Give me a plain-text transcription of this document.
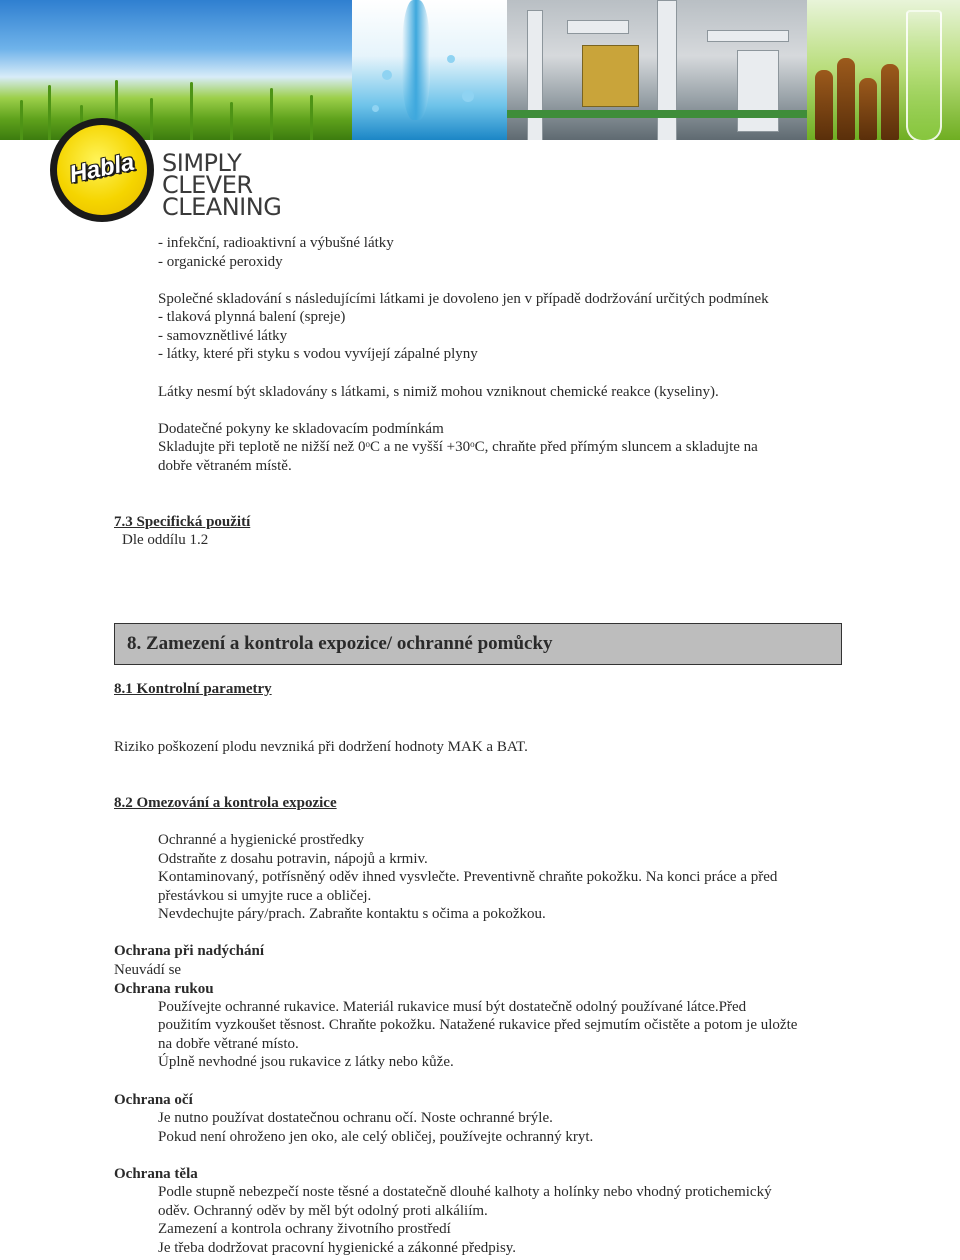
Habla	SIMPLY
CLEVER
CLEANING
- infekční, radioaktivní a výbušné látky
- organické peroxidy
Společné skladování s následujícími látkami je dovoleno jen v případě dodržování určitých podmínek
- tlaková plynná balení (spreje)
- samovznětlivé látky
- látky, které při styku s vodou vyvíjejí zápalné plyny
Látky nesmí být skladovány s látkami, s nimiž mohou vzniknout chemické reakce (kyseliny).
Dodatečné pokyny ke skladovacím podmínkám
Skladujte při teplotě ne nižší než 0$^o$C a ne vyšší $+30^oC$, chraňte před přímým sluncem a skladujte na
dobře větraném místě.
7.3 Specifická použití
Dle oddílu 1.2
8. Zamezení a kontrola expozice/ ochranné pomůcky
8.1 Kontrolní parametry
Riziko poškození plodu nevzniká při dodržení hodnoty MAK a BAT.
8.2 Omezování a kontrola expozice
Ochranné a hygienické prostředky
Odstraňte z dosahu potravin, nápojů a krmiv.
Kontaminovaný, potřísněný oděv ihned vysvlečte. Preventivně chraňte pokožku. Na konci práce a před
přestávkou si umyjte ruce a obličej.
Nevdechujte páry/prach. Zabraňte kontaktu s očima a pokožkou.
Ochrana při nadýchání
Neuvádí se
Ochrana rukou
Používejte ochranné rukavice. Materiál rukavice musí být dostatečně odolný používané látce.Před
použitím vyzkoušet těsnost. Chraňte pokožku. Natažené rukavice před sejmutím očistěte a potom je uložte
na dobře větrané místo.
Úplně nevhodné jsou rukavice z látky nebo kůže.
Ochrana očí
Je nutno používat dostatečnou ochranu očí. Noste ochranné brýle.
Pokud není ohroženo jen oko, ale celý obličej, používejte ochranný kryt.
Ochrana těla
Podle stupně nebezpečí noste těsné a dostatečně dlouhé kalhoty a holínky nebo vhodný protichemický
oděv. Ochranný oděv by měl být odolný proti alkáliím.
Zamezení a kontrola ochrany životního prostředí
Je třeba dodržovat pracovní hygienické a zákonné předpisy.
